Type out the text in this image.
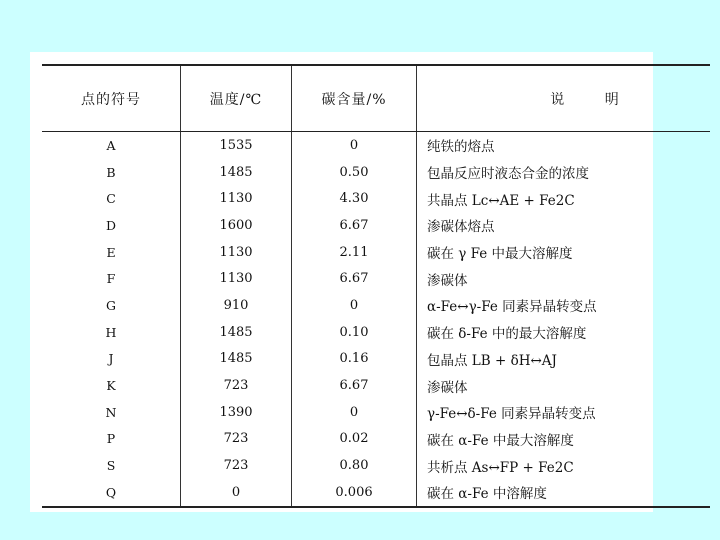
点的符号	温度/℃	碳含量/%	说 明
A	1535	0	纯铁的熔点
B	1485	0.50	包晶反应时液态合金的浓度
C	1130	4.30	共晶点 Lc↔AE + Fe2C
D	1600	6.67	渗碳体熔点
E	1130	2.11	碳在 γ Fe 中最大溶解度
F	1130	6.67	渗碳体
G	910	0	α-Fe↔γ-Fe 同素异晶转变点
H	1485	0.10	碳在 δ-Fe 中的最大溶解度
J	1485	0.16	包晶点 LB + δH↔AJ
K	723	6.67	渗碳体
N	1390	0	γ-Fe↔δ-Fe 同素异晶转变点
P	723	0.02	碳在 α-Fe 中最大溶解度
S	723	0.80	共析点 As↔FP + Fe2C
Q	0	0.006	碳在 α-Fe 中溶解度
